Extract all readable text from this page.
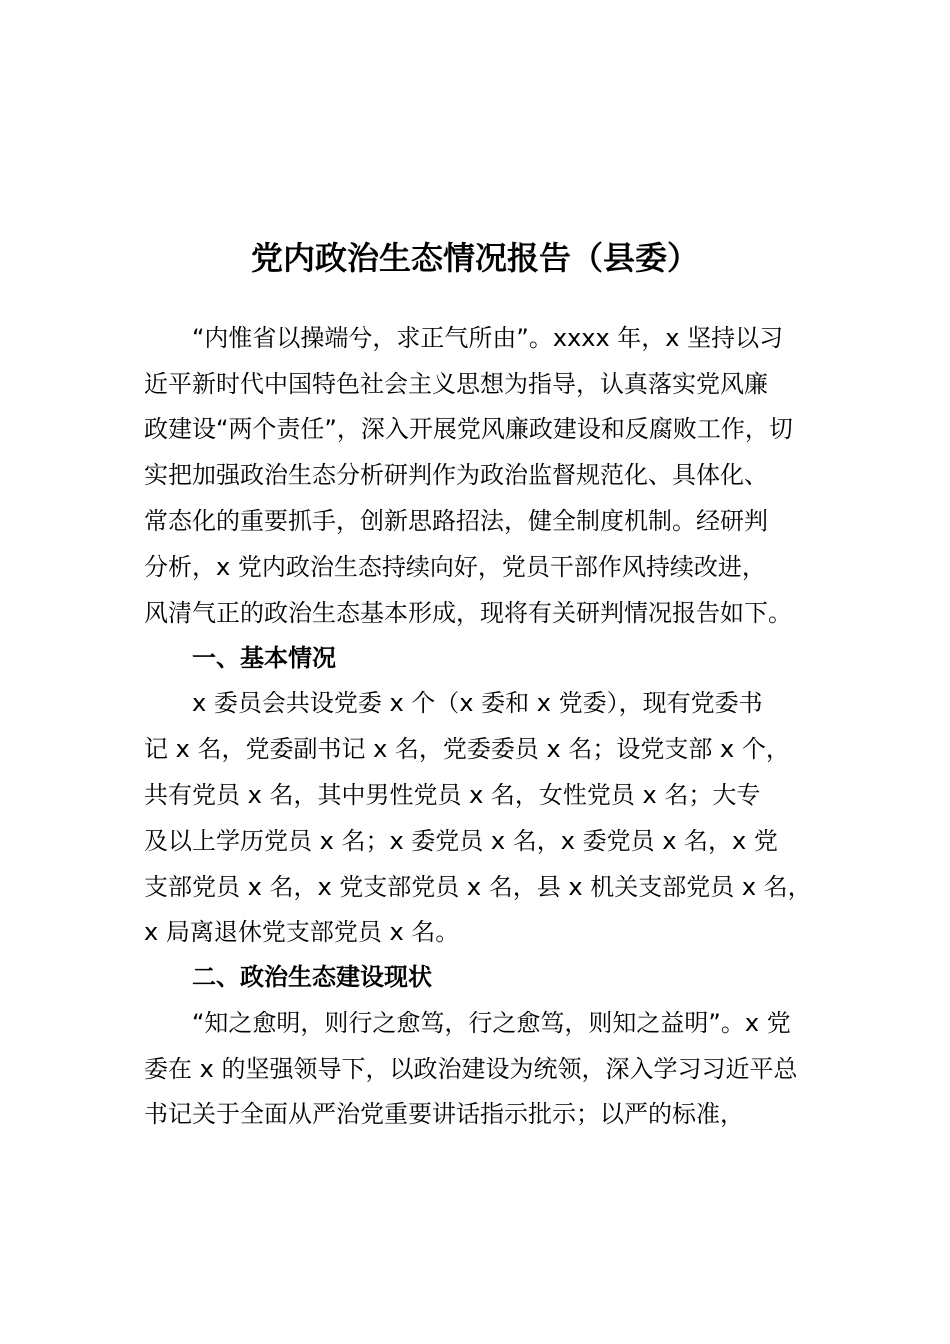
党内政治生态情况报告（县委）
“内惟省以操端兮，求正气所由”。xxxx 年，x 坚持以习
近平新时代中国特色社会主义思想为指导，认真落实党风廉
政建设“两个责任”，深入开展党风廉政建设和反腐败工作，切
实把加强政治生态分析研判作为政治监督规范化、具体化、
常态化的重要抓手，创新思路招法，健全制度机制。经研判
分析，x 党内政治生态持续向好，党员干部作风持续改进，
风清气正的政治生态基本形成，现将有关研判情况报告如下。
一、基本情况
x 委员会共设党委 x 个（x 委和 x 党委），现有党委书
记 x 名，党委副书记 x 名，党委委员 x 名；设党支部 x 个，
共有党员 x 名，其中男性党员 x 名，女性党员 x 名；大专
及以上学历党员 x 名；x 委党员 x 名，x 委党员 x 名，x 党
支部党员 x 名，x 党支部党员 x 名，县 x 机关支部党员 x 名，
x 局离退休党支部党员 x 名。
二、政治生态建设现状
“知之愈明，则行之愈笃，行之愈笃，则知之益明”。x 党
委在 x 的坚强领导下，以政治建设为统领，深入学习习近平总
书记关于全面从严治党重要讲话指示批示；以严的标准，
